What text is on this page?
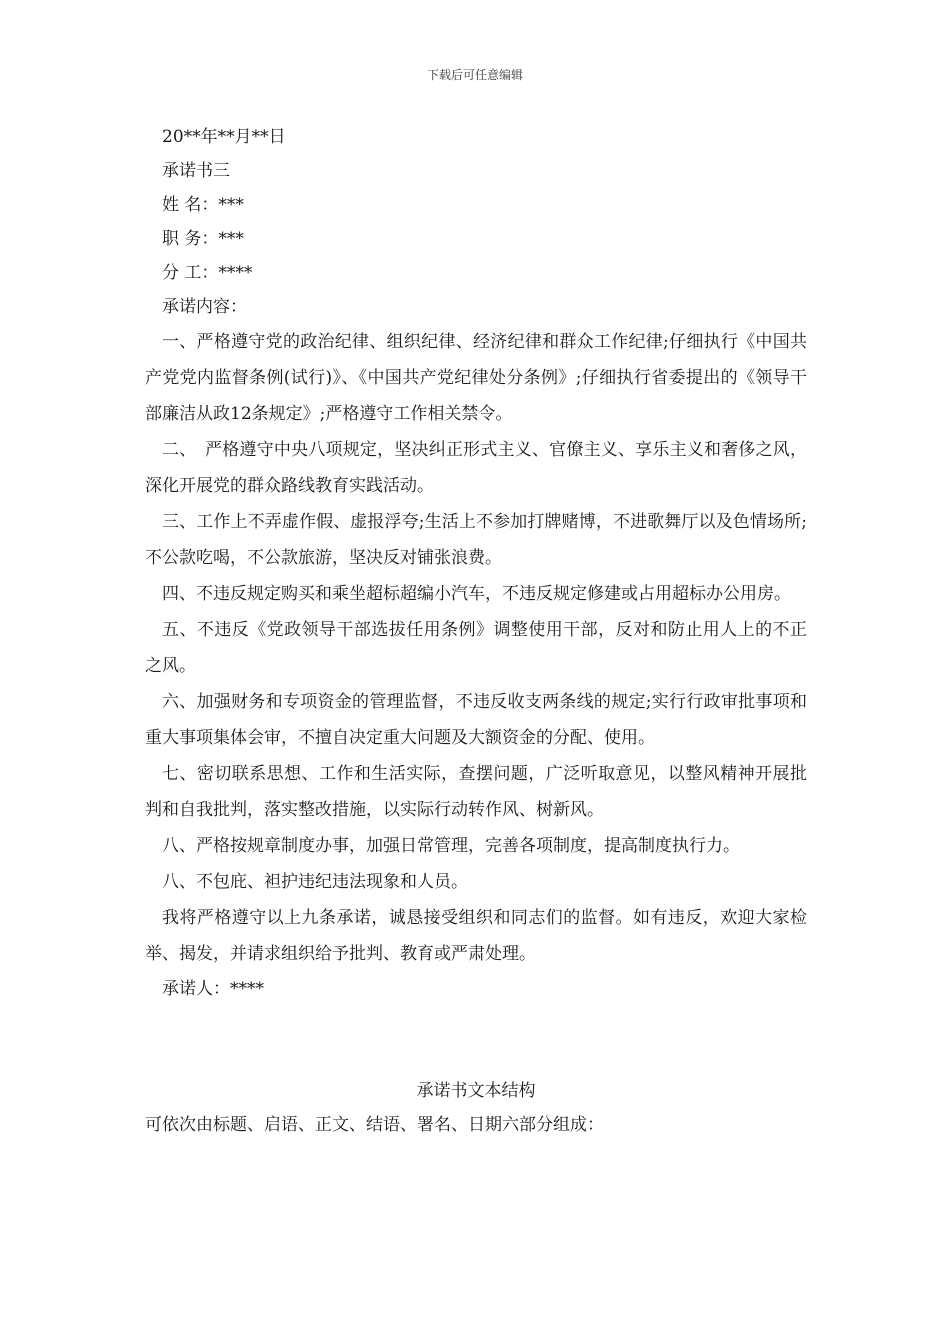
下载后可任意编辑

20**年**月**日

承诺书三

姓 名：***

职 务：***

分 工：****

承诺内容：

一、严格遵守党的政治纪律、组织纪律、经济纪律和群众工作纪律;仔细执行《中国共产党党内监督条例(试行)》、《中国共产党纪律处分条例》;仔细执行省委提出的《领导干部廉洁从政12条规定》;严格遵守工作相关禁令。

二、　严格遵守中央八项规定，坚决纠正形式主义、官僚主义、享乐主义和奢侈之风，深化开展党的群众路线教育实践活动。

三、工作上不弄虚作假、虚报浮夸;生活上不参加打牌赌博，不进歌舞厅以及色情场所;不公款吃喝，不公款旅游，坚决反对铺张浪费。

四、不违反规定购买和乘坐超标超编小汽车，不违反规定修建或占用超标办公用房。

五、不违反《党政领导干部选拔任用条例》调整使用干部，反对和防止用人上的不正之风。

六、加强财务和专项资金的管理监督，不违反收支两条线的规定;实行行政审批事项和重大事项集体会审，不擅自决定重大问题及大额资金的分配、使用。

七、密切联系思想、工作和生活实际，查摆问题，广泛听取意见，以整风精神开展批判和自我批判，落实整改措施，以实际行动转作风、树新风。

八、严格按规章制度办事，加强日常管理，完善各项制度，提高制度执行力。

八、不包庇、袒护违纪违法现象和人员。

我将严格遵守以上九条承诺，诚恳接受组织和同志们的监督。如有违反，欢迎大家检举、揭发，并请求组织给予批判、教育或严肃处理。

承诺人：****

承诺书文本结构

可依次由标题、启语、正文、结语、署名、日期六部分组成：
